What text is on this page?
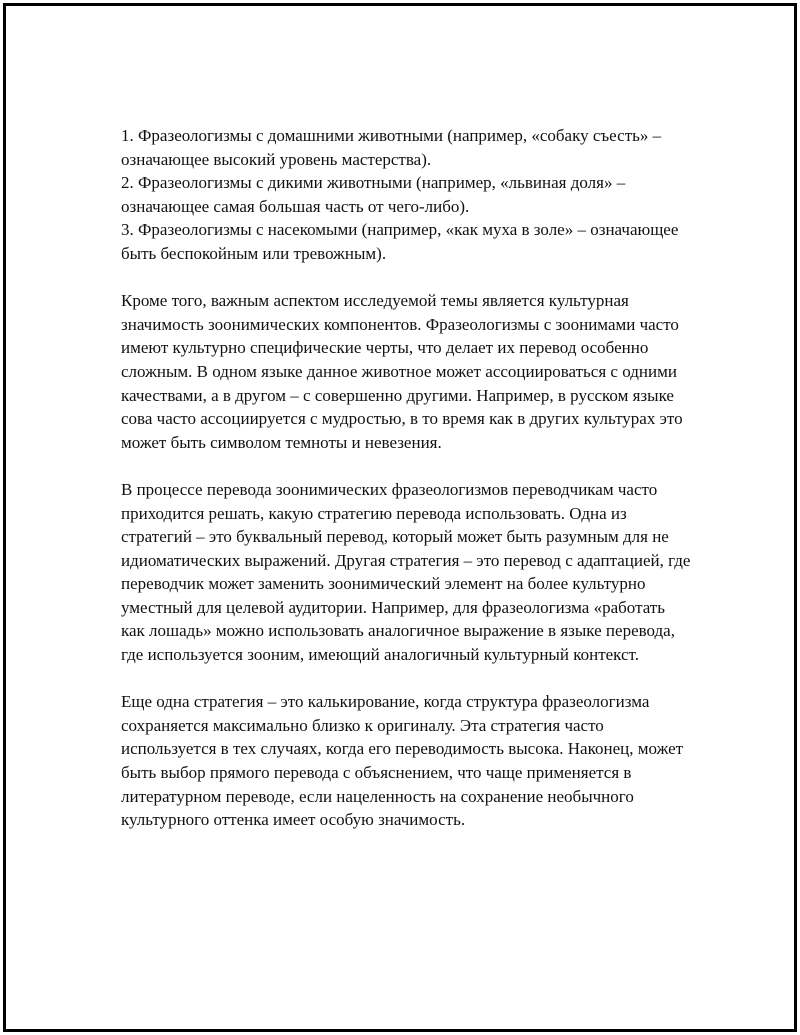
1. Фразеологизмы с домашними животными (например, «собаку съесть» – означающее высокий уровень мастерства).

2. Фразеологизмы с дикими животными (например, «львиная доля» – означающее самая большая часть от чего-либо).

3. Фразеологизмы с насекомыми (например, «как муха в золе» – означающее быть беспокойным или тревожным).

Кроме того, важным аспектом исследуемой темы является культурная значимость зоонимических компонентов. Фразеологизмы с зоонимами часто имеют культурно специфические черты, что делает их перевод особенно сложным. В одном языке данное животное может ассоциироваться с одними качествами, а в другом – с совершенно другими. Например, в русском языке сова часто ассоциируется с мудростью, в то время как в других культурах это может быть символом темноты и невезения.

В процессе перевода зоонимических фразеологизмов переводчикам часто приходится решать, какую стратегию перевода использовать. Одна из стратегий – это буквальный перевод, который может быть разумным для не идиоматических выражений. Другая стратегия – это перевод с адаптацией, где переводчик может заменить зоонимический элемент на более культурно уместный для целевой аудитории. Например, для фразеологизма «работать как лошадь» можно использовать аналогичное выражение в языке перевода, где используется зооним, имеющий аналогичный культурный контекст.

Еще одна стратегия – это калькирование, когда структура фразеологизма сохраняется максимально близко к оригиналу. Эта стратегия часто используется в тех случаях, когда его переводимость высока. Наконец, может быть выбор прямого перевода с объяснением, что чаще применяется в литературном переводе, если нацеленность на сохранение необычного культурного оттенка имеет особую значимость.
